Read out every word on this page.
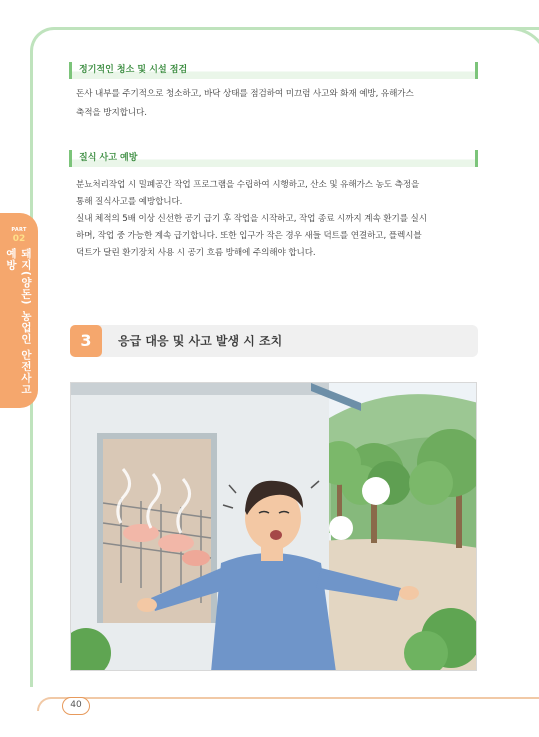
40
PART
02
돼지(양돈) 농업인 안전사고 예방
정기적인 청소 및 시설 점검
돈사 내부를 주기적으로 청소하고, 바닥 상태를 점검하여 미끄럼 사고와 화재 예방, 유해가스
축적을 방지합니다.
질식 사고 예방
분뇨처리작업 시 밀폐공간 작업 프로그램을 수립하여 시행하고, 산소 및 유해가스 농도 측정을
통해 질식사고를 예방합니다.
실내 체적의 5배 이상 신선한 공기 급기 후 작업을 시작하고, 작업 종료 시까지 계속 환기를 실시
하며, 작업 중 가능한 계속 급기합니다. 또한 입구가 작은 경우 새들 덕트를 연결하고, 플렉시블
덕트가 달린 환기장치 사용 시 공기 흐름 방해에 주의해야 합니다.
3	응급 대응 및 사고 발생 시 조치
